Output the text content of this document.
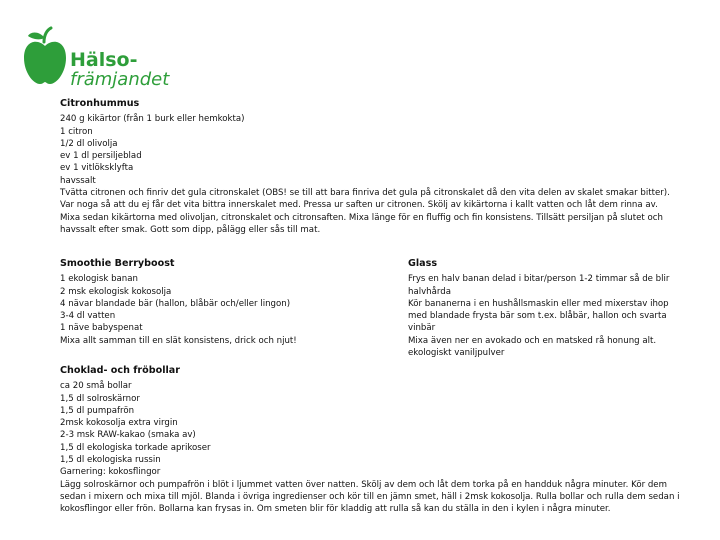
Hälso-
främjandet
Citronhummus
240 g kikärtor (från 1 burk eller hemkokta)
1 citron
1/2 dl olivolja
ev 1 dl persiljeblad
ev 1 vitlöksklyfta
havssalt
Tvätta citronen och finriv det gula citronskalet (OBS! se till att bara finriva det gula på citronskalet då den vita delen av skalet smakar bitter). Var noga så att du ej får det vita bittra innerskalet med. Pressa ur saften ur citronen. Skölj av kikärtorna i kallt vatten och låt dem rinna av. Mixa sedan kikärtorna med olivoljan, citronskalet och citronsaften. Mixa länge för en fluffig och fin konsistens. Tillsätt persiljan på slutet och havssalt efter smak. Gott som dipp, pålägg eller sås till mat.
Smoothie Berryboost
1 ekologisk banan
2 msk ekologisk kokosolja
4 nävar blandade bär (hallon, blåbär och/eller lingon)
3-4 dl vatten
1 näve babyspenat
Mixa allt samman till en slät konsistens, drick och njut!
Glass
Frys en halv banan delad i bitar/person 1-2 timmar så de blir halvhårda
Kör bananerna i en hushållsmaskin eller med mixerstav ihop med blandade frysta bär som t.ex. blåbär, hallon och svarta vinbär
Mixa även ner en avokado och en matsked rå honung alt. ekologiskt vaniljpulver
Choklad- och fröbollar
ca 20 små bollar
1,5 dl solroskärnor
1,5 dl pumpafrön
2msk kokosolja extra virgin
2-3 msk RAW-kakao (smaka av)
1,5 dl ekologiska torkade aprikoser
1,5 dl ekologiska russin
Garnering: kokosflingor
Lägg solroskärnor och pumpafrön i blöt i ljummet vatten över natten. Skölj av dem och låt dem torka på en handduk några minuter. Kör dem sedan i mixern och mixa till mjöl. Blanda i övriga ingredienser och kör till en jämn smet, häll i 2msk kokosolja. Rulla bollar och rulla dem sedan i kokosflingor eller frön. Bollarna kan frysas in. Om smeten blir för kladdig att rulla så kan du ställa in den i kylen i några minuter.
